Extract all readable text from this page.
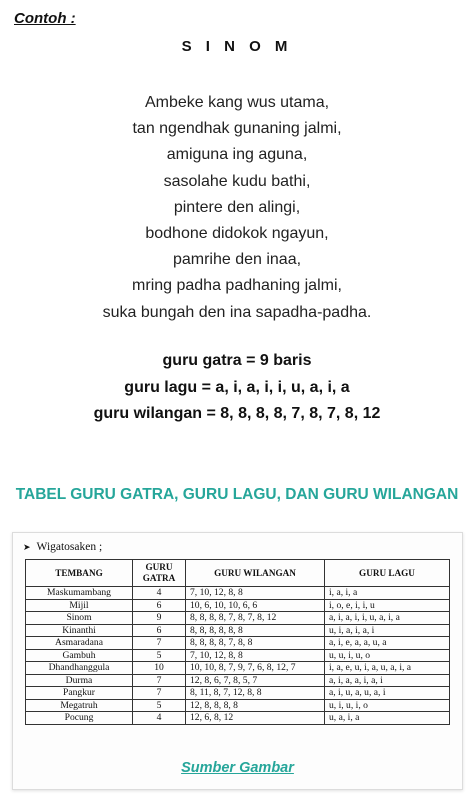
Contoh :
S I N O M
Ambeke kang wus utama,
tan ngendhak gunaning jalmi,
amiguna ing aguna,
sasolahe kudu bathi,
pintere den alingi,
bodhone didokok ngayun,
pamrihe den inaa,
mring padha padhaning jalmi,
suka bungah den ina sapadha-padha.
guru gatra = 9 baris
guru lagu = a, i, a, i, i, u, a, i, a
guru wilangan = 8, 8, 8, 8, 7, 8, 7, 8, 12
TABEL GURU GATRA, GURU LAGU, DAN GURU WILANGAN
➤ Wigatosaken ;
TEMBANG	GURU GATRA	GURU WILANGAN	GURU LAGU
Maskumambang	4	7, 10, 12, 8, 8	i, a, i, a
Mijil	6	10, 6, 10, 10, 6, 6	i, o, e, i, i, u
Sinom	9	8, 8, 8, 8, 7, 8, 7, 8, 12	a, i, a, i, i, u, a, i, a
Kinanthi	6	8, 8, 8, 8, 8, 8	u, i, a, i, a, i
Asmaradana	7	8, 8, 8, 8, 7, 8, 8	a, i, e, a, a, u, a
Gambuh	5	7, 10, 12, 8, 8	u, u, i, u, o
Dhandhanggula	10	10, 10, 8, 7, 9, 7, 6, 8, 12, 7	i, a, e, u, i, a, u, a, i, a
Durma	7	12, 8, 6, 7, 8, 5, 7	a, i, a, a, i, a, i
Pangkur	7	8, 11, 8, 7, 12, 8, 8	a, i, u, a, u, a, i
Megatruh	5	12, 8, 8, 8, 8	u, i, u, i, o
Pocung	4	12, 6, 8, 12	u, a, i, a
Sumber Gambar
